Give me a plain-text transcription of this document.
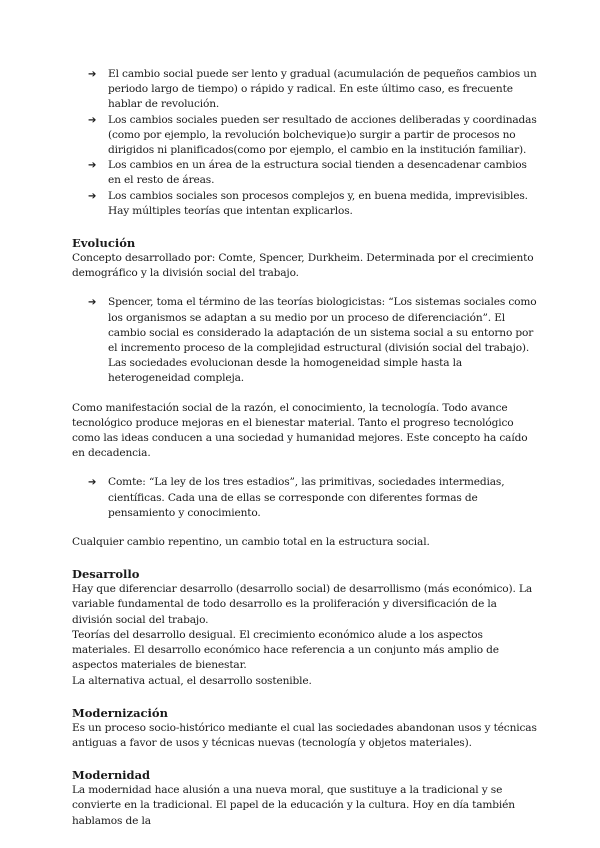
➔ El cambio social puede ser lento y gradual (acumulación de pequeños cambios un periodo largo de tiempo) o rápido y radical. En este último caso, es frecuente hablar de revolución.
➔ Los cambios sociales pueden ser resultado de acciones deliberadas y coordinadas (como por ejemplo, la revolución bolchevique)o surgir a partir de procesos no dirigidos ni planificados(como por ejemplo, el cambio en la institución familiar).
➔ Los cambios en un área de la estructura social tienden a desencadenar cambios en el resto de áreas.
➔ Los cambios sociales son procesos complejos y, en buena medida, imprevisibles. Hay múltiples teorías que intentan explicarlos.
Evolución

Concepto desarrollado por: Comte, Spencer, Durkheim. Determinada por el crecimiento demográfico y la división social del trabajo.

➔ Spencer, toma el término de las teorías biologicistas: “Los sistemas sociales como los organismos se adaptan a su medio por un proceso de diferenciación”. El cambio social es considerado la adaptación de un sistema social a su entorno por el incremento proceso de la complejidad estructural (división social del trabajo). Las sociedades evolucionan desde la homogeneidad simple hasta la heterogeneidad compleja.

Como manifestación social de la razón, el conocimiento, la tecnología. Todo avance tecnológico produce mejoras en el bienestar material. Tanto el progreso tecnológico como las ideas conducen a una sociedad y humanidad mejores. Este concepto ha caído en decadencia.

➔ Comte: “La ley de los tres estadios”, las primitivas, sociedades intermedias, científicas. Cada una de ellas se corresponde con diferentes formas de pensamiento y conocimiento.

Cualquier cambio repentino, un cambio total en la estructura social.

Desarrollo

Hay que diferenciar desarrollo (desarrollo social) de desarrollismo (más económico). La variable fundamental de todo desarrollo es la proliferación y diversificación de la división social del trabajo.

Teorías del desarrollo desigual. El crecimiento económico alude a los aspectos materiales. El desarrollo económico hace referencia a un conjunto más amplio de aspectos materiales de bienestar.

La alternativa actual, el desarrollo sostenible.

Modernización

Es un proceso socio-histórico mediante el cual las sociedades abandonan usos y técnicas antiguas a favor de usos y técnicas nuevas (tecnología y objetos materiales).

Modernidad

La modernidad hace alusión a una nueva moral, que sustituye a la tradicional y se convierte en la tradicional. El papel de la educación y la cultura. Hoy en día también hablamos de la
